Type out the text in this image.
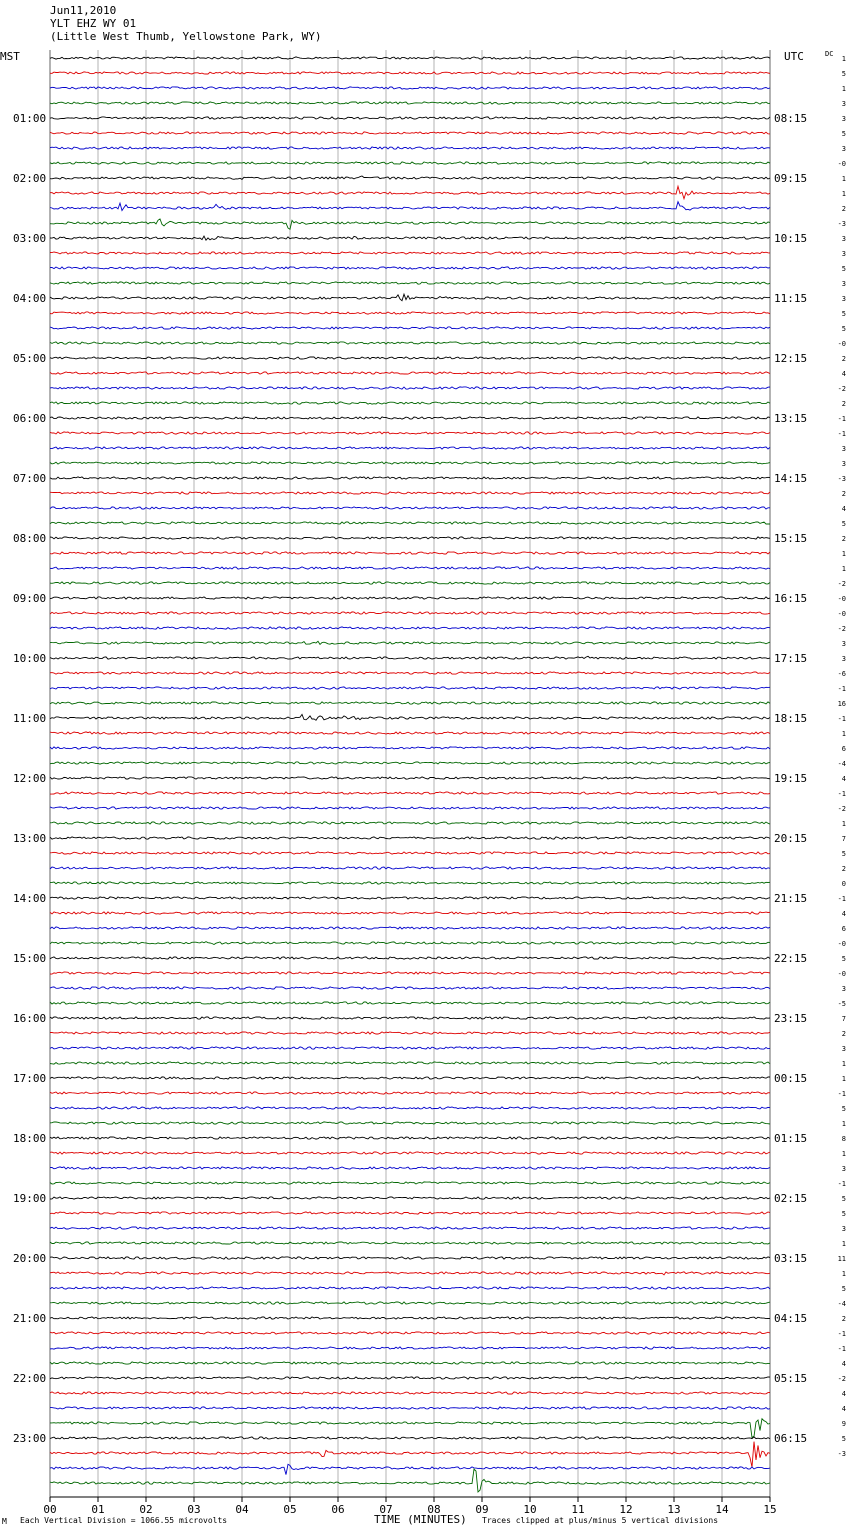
Jun11,2010
YLT EHZ WY 01
(Little West Thumb, Yellowstone Park, WY)
MST	UTC	DC
01:00
02:00
03:00
04:00
05:00
06:00
07:00
08:00
09:00
10:00
11:00
12:00
13:00
14:00
15:00
16:00
17:00
18:00
19:00
20:00
21:00
22:00
23:00
08:15
09:15
10:15
11:15
12:15
13:15
14:15
15:15
16:15
17:15
18:15
19:15
20:15
21:15
22:15
23:15
00:15
01:15
02:15
03:15
04:15
05:15
06:15
1
5
1
3
3
5
3
-0
1
1
2
-3
3
3
5
3
3
5
5
-0
2
4
-2
2
-1
-1
3
3
-3
2
4
5
2
1
1
-2
-0
-0
-2
3
3
-6
-1
16
-1
1
6
-4
4
-1
-2
1
7
5
2
0
-1
4
6
-0
5
-0
3
-5
7
2
3
1
1
-1
5
1
8
1
3
-1
5
5
3
1
11
1
5
-4
2
-1
-1
4
-2
4
4
9
5
-3
00	01	02	03	04	05	06	07	08	09	10	11	12	13	14	15
M Each Vertical Division = 1066.55 microvolts	TIME (MINUTES) Traces clipped at plus/minus 5 vertical divisions
